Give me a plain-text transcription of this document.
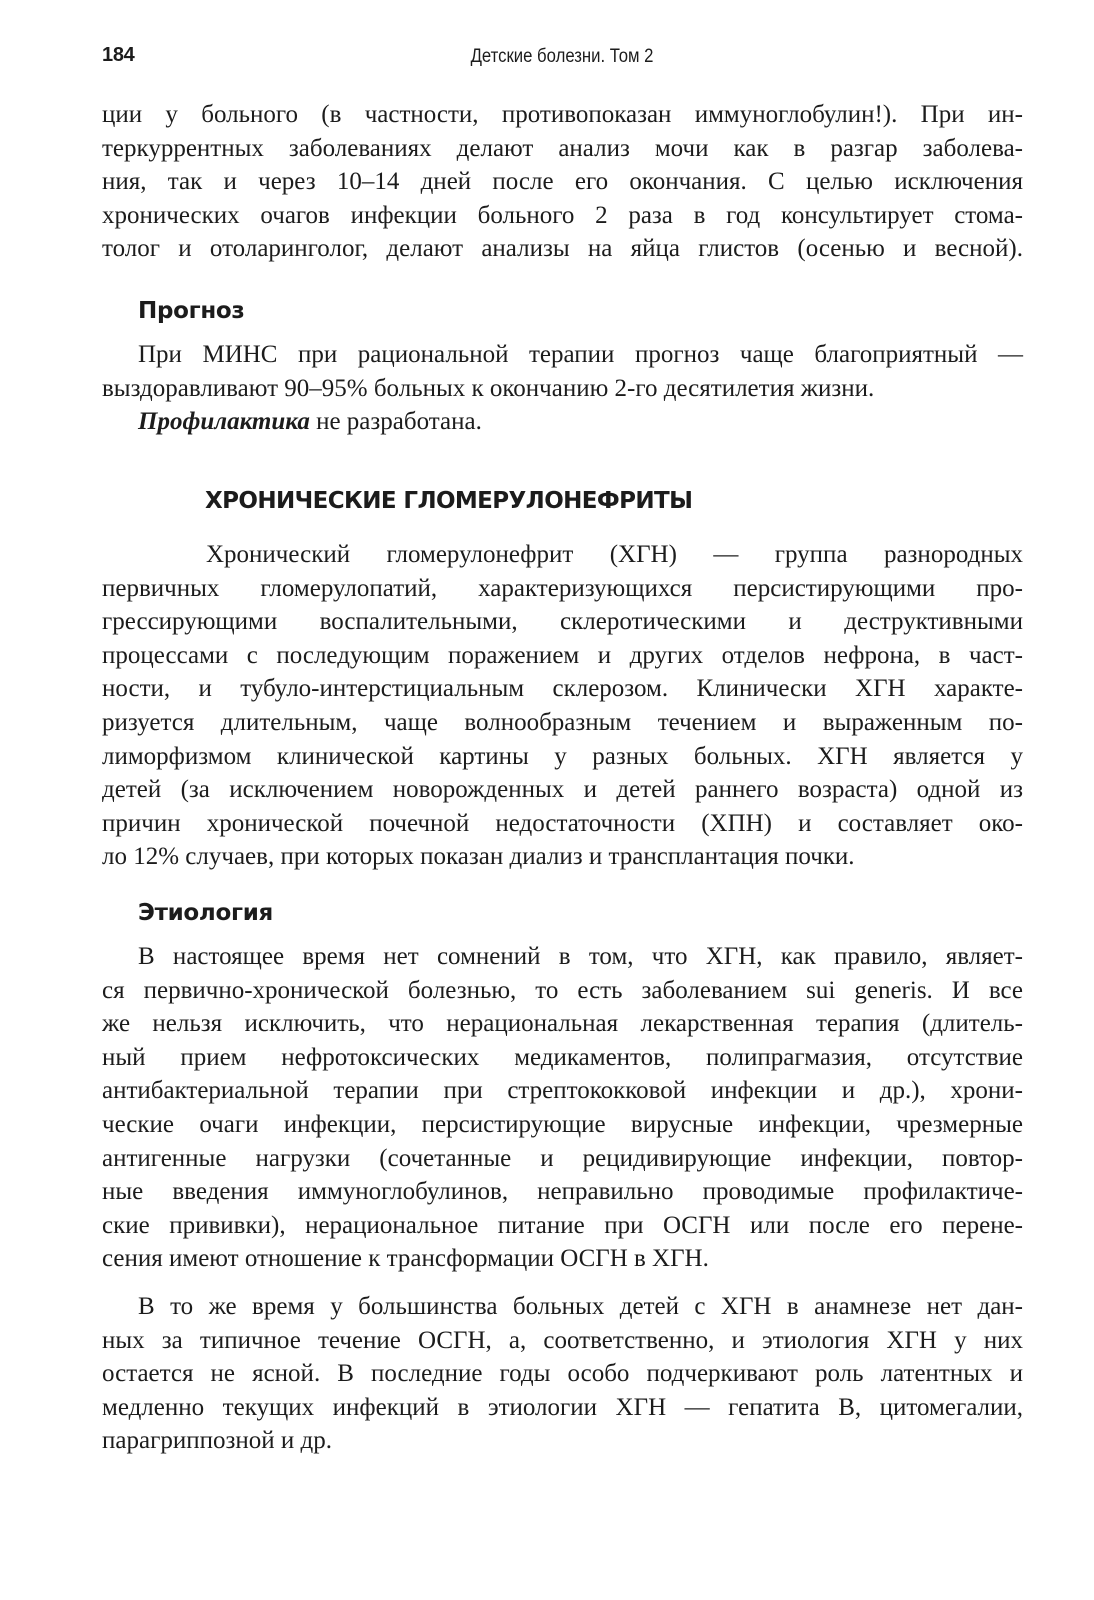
184	Детские болезни. Том 2
ции у больного (в частности, противопоказан иммуноглобулин!). При ин-
теркуррентных заболеваниях делают анализ мочи как в разгар заболева-
ния, так и через 10–14 дней после его окончания. С целью исключения
хронических очагов инфекции больного 2 раза в год консультирует стома-
толог и отоларинголог, делают анализы на яйца глистов (осенью и весной).
Прогноз
При МИНС при рациональной терапии прогноз чаще благоприятный —
выздоравливают 90–95% больных к окончанию 2-го десятилетия жизни.
Профилактика не разработана.
ХРОНИЧЕСКИЕ ГЛОМЕРУЛОНЕФРИТЫ
Хронический гломерулонефрит (ХГН) — группа разнородных
первичных гломерулопатий, характеризующихся персистирующими про-
грессирующими воспалительными, склеротическими и деструктивными
процессами с последующим поражением и других отделов нефрона, в част-
ности, и тубуло-интерстициальным склерозом. Клинически ХГН характе-
ризуется длительным, чаще волнообразным течением и выраженным по-
лиморфизмом клинической картины у разных больных. ХГН является у
детей (за исключением новорожденных и детей раннего возраста) одной из
причин хронической почечной недостаточности (ХПН) и составляет око-
ло 12% случаев, при которых показан диализ и трансплантация почки.
Этиология
В настоящее время нет сомнений в том, что ХГН, как правило, являет-
ся первично-хронической болезнью, то есть заболеванием sui generis. И все
же нельзя исключить, что нерациональная лекарственная терапия (длитель-
ный прием нефротоксических медикаментов, полипрагмазия, отсутствие
антибактериальной терапии при стрептококковой инфекции и др.), хрони-
ческие очаги инфекции, персистирующие вирусные инфекции, чрезмерные
антигенные нагрузки (сочетанные и рецидивирующие инфекции, повтор-
ные введения иммуноглобулинов, неправильно проводимые профилактиче-
ские прививки), нерациональное питание при ОСГН или после его перене-
сения имеют отношение к трансформации ОСГН в ХГН.
В то же время у большинства больных детей с ХГН в анамнезе нет дан-
ных за типичное течение ОСГН, а, соответственно, и этиология ХГН у них
остается не ясной. В последние годы особо подчеркивают роль латентных и
медленно текущих инфекций в этиологии ХГН — гепатита В, цитомегалии,
парагриппозной и др.
